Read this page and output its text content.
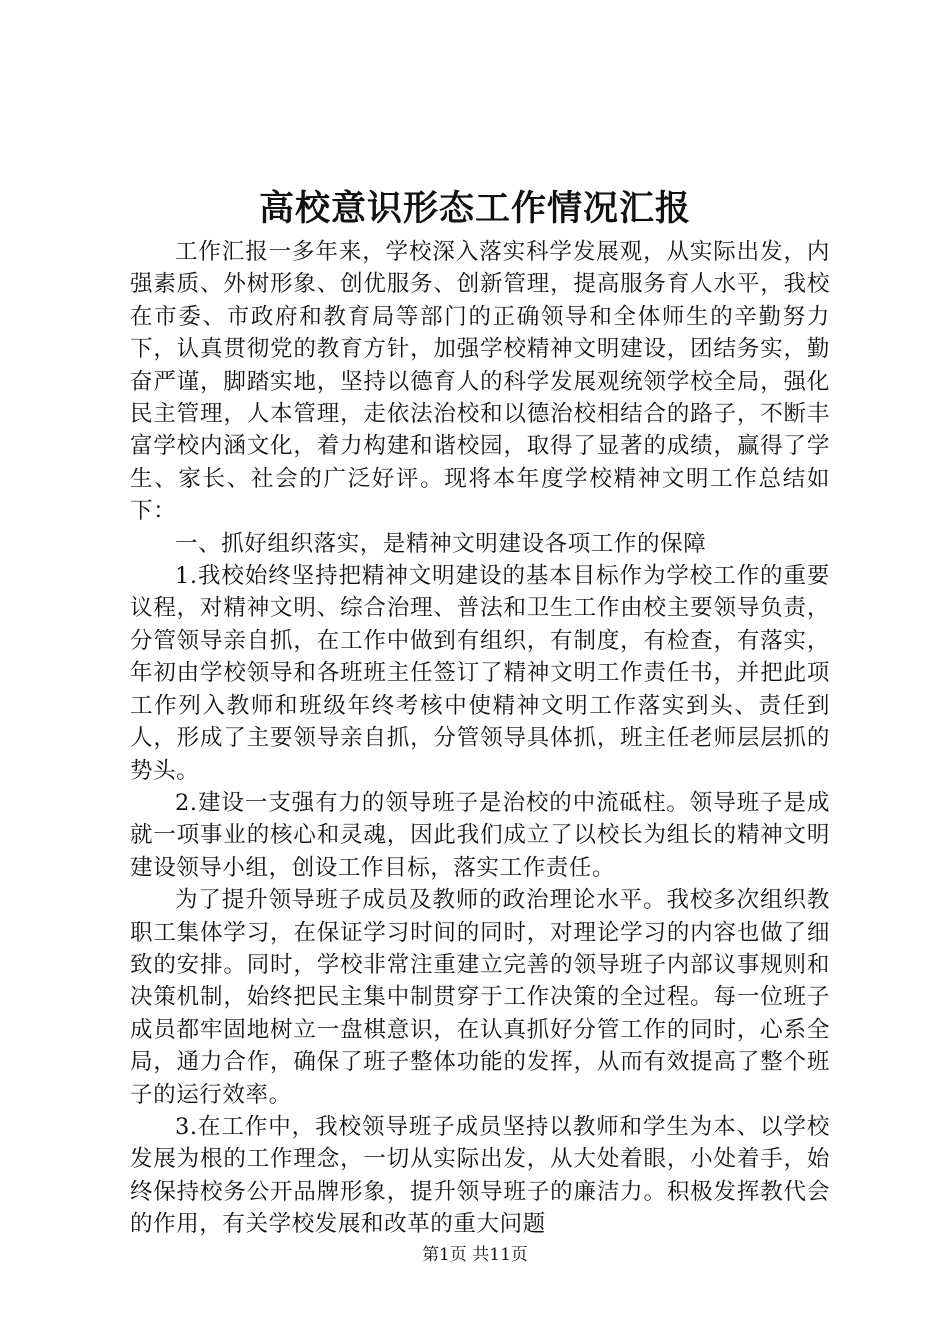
高校意识形态工作情况汇报

工作汇报一多年来，学校深入落实科学发展观，从实际出发，内强素质、外树形象、创优服务、创新管理，提高服务育人水平，我校在市委、市政府和教育局等部门的正确领导和全体师生的辛勤努力下，认真贯彻党的教育方针，加强学校精神文明建设，团结务实，勤奋严谨，脚踏实地，坚持以德育人的科学发展观统领学校全局，强化民主管理，人本管理，走依法治校和以德治校相结合的路子，不断丰富学校内涵文化，着力构建和谐校园，取得了显著的成绩，赢得了学生、家长、社会的广泛好评。现将本年度学校精神文明工作总结如下：

一、抓好组织落实，是精神文明建设各项工作的保障

1.我校始终坚持把精神文明建设的基本目标作为学校工作的重要议程，对精神文明、综合治理、普法和卫生工作由校主要领导负责，分管领导亲自抓，在工作中做到有组织，有制度，有检查，有落实，年初由学校领导和各班班主任签订了精神文明工作责任书，并把此项工作列入教师和班级年终考核中使精神文明工作落实到头、责任到人，形成了主要领导亲自抓，分管领导具体抓，班主任老师层层抓的势头。

2.建设一支强有力的领导班子是治校的中流砥柱。领导班子是成就一项事业的核心和灵魂，因此我们成立了以校长为组长的精神文明建设领导小组，创设工作目标，落实工作责任。

为了提升领导班子成员及教师的政治理论水平。我校多次组织教职工集体学习，在保证学习时间的同时，对理论学习的内容也做了细致的安排。同时，学校非常注重建立完善的领导班子内部议事规则和决策机制，始终把民主集中制贯穿于工作决策的全过程。每一位班子成员都牢固地树立一盘棋意识，在认真抓好分管工作的同时，心系全局，通力合作，确保了班子整体功能的发挥，从而有效提高了整个班子的运行效率。

3.在工作中，我校领导班子成员坚持以教师和学生为本、以学校发展为根的工作理念，一切从实际出发，从大处着眼，小处着手，始终保持校务公开品牌形象，提升领导班子的廉洁力。积极发挥教代会的作用，有关学校发展和改革的重大问题

第1页 共11页
